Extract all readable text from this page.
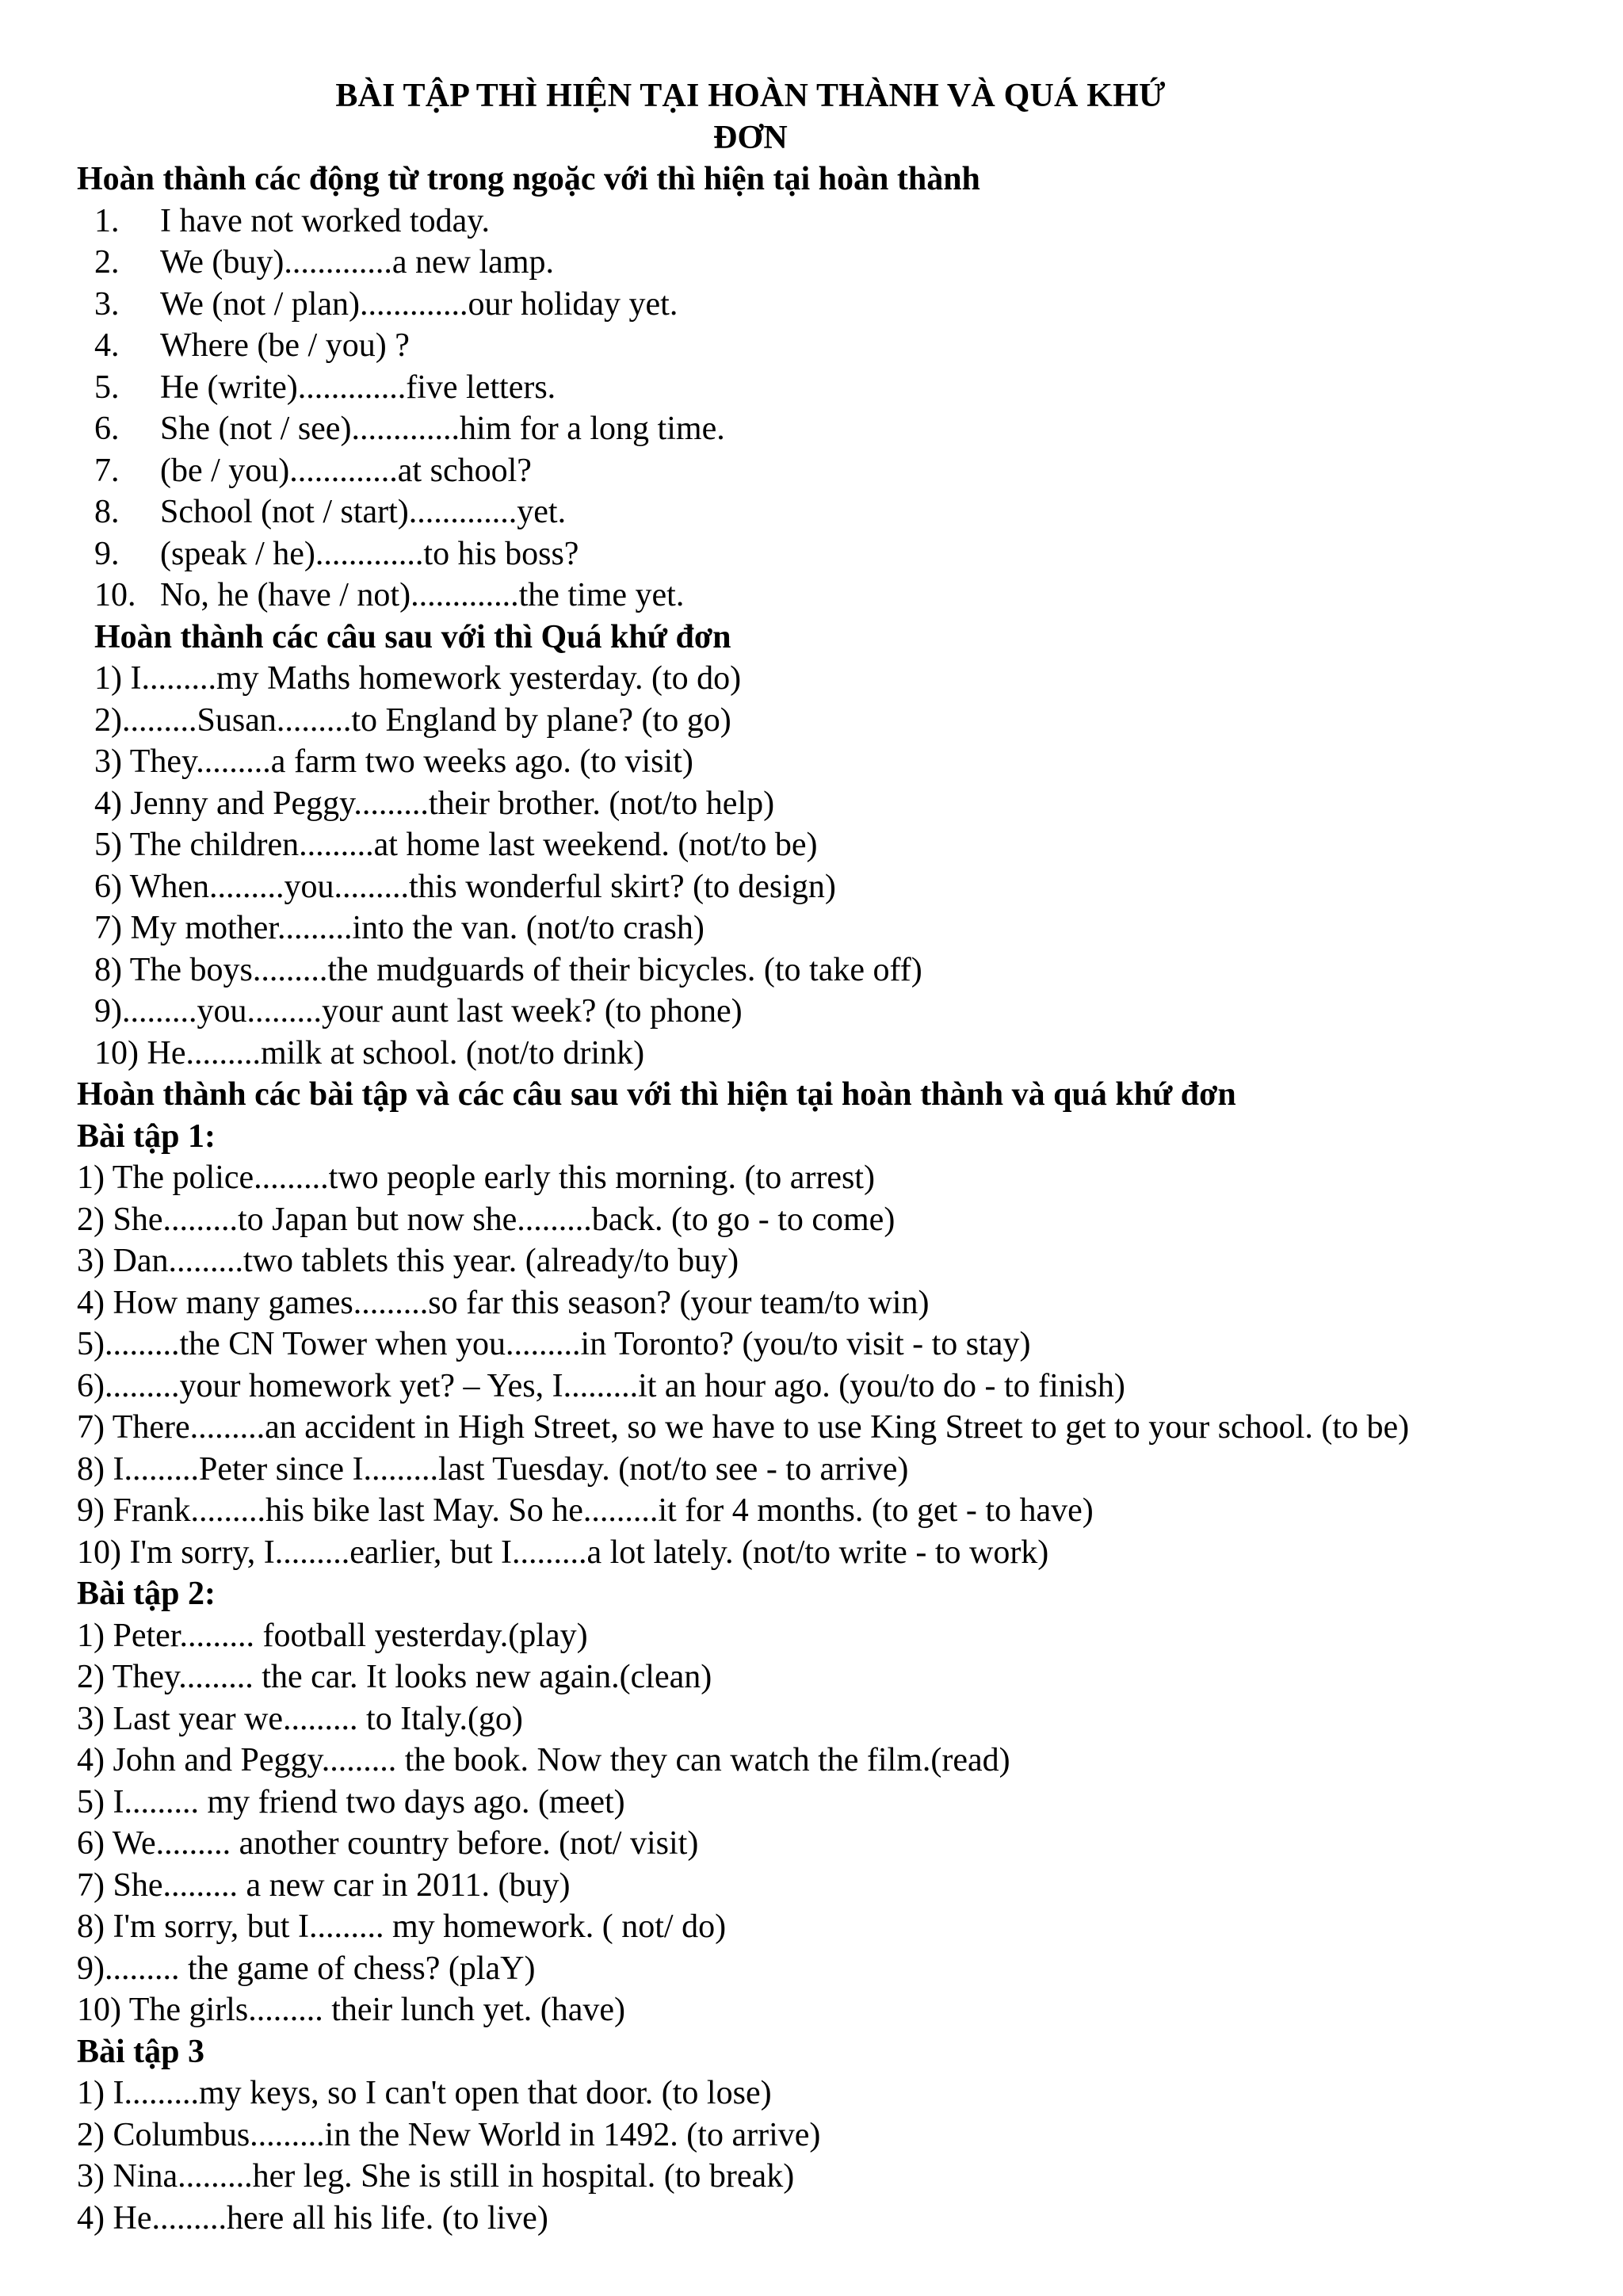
BÀI TẬP THÌ HIỆN TẠI HOÀN THÀNH VÀ QUÁ KHỨ ĐƠN
Hoàn thành các động từ trong ngoặc với thì hiện tại hoàn thành
1.	I have not worked today.
2.	We (buy).............a new lamp.
3.	We (not / plan).............our holiday yet.
4.	Where (be / you) ?
5.	He (write).............five letters.
6.	She (not / see).............him for a long time.
7.	(be / you).............at school?
8.	School (not / start).............yet.
9.	(speak / he).............to his boss?
10. No, he (have / not).............the time yet.
Hoàn thành các câu sau với thì Quá khứ đơn
1) I.........my Maths homework yesterday. (to do)
2).........Susan.........to England by plane? (to go)
3) They.........a farm two weeks ago. (to visit)
4) Jenny and Peggy.........their brother. (not/to help)
5) The children.........at home last weekend. (not/to be)
6) When.........you.........this wonderful skirt? (to design)
7) My mother.........into the van. (not/to crash)
8) The boys.........the mudguards of their bicycles. (to take off)
9).........you.........your aunt last week? (to phone)
10) He.........milk at school. (not/to drink)
Hoàn thành các bài tập và các câu sau với thì hiện tại hoàn thành và quá khứ đơn
Bài tập 1:
1) The police.........two people early this morning. (to arrest)
2) She.........to Japan but now she.........back. (to go - to come)
3) Dan.........two tablets this year. (already/to buy)
4) How many games.........so far this season? (your team/to win)
5).........the CN Tower when you.........in Toronto? (you/to visit - to stay)
6).........your homework yet? – Yes, I.........it an hour ago. (you/to do - to finish)
7) There.........an accident in High Street, so we have to use King Street to get to your school. (to be)
8) I.........Peter since I.........last Tuesday. (not/to see - to arrive)
9) Frank.........his bike last May. So he.........it for 4 months. (to get - to have)
10) I'm sorry, I.........earlier, but I.........a lot lately. (not/to write - to work)
Bài tập 2:
1) Peter......... football yesterday.(play)
2) They......... the car. It looks new again.(clean)
3) Last year we......... to Italy.(go)
4) John and Peggy......... the book. Now they can watch the film.(read)
5) I......... my friend two days ago. (meet)
6) We......... another country before. (not/ visit)
7) She......... a new car in 2011. (buy)
8) I'm sorry, but I......... my homework. ( not/ do)
9)......... the game of chess? (plaY)
10) The girls......... their lunch yet. (have)
Bài tập 3
1) I.........my keys, so I can't open that door. (to lose)
2) Columbus.........in the New World in 1492. (to arrive)
3) Nina.........her leg. She is still in hospital. (to break)
4) He.........here all his life. (to live)
